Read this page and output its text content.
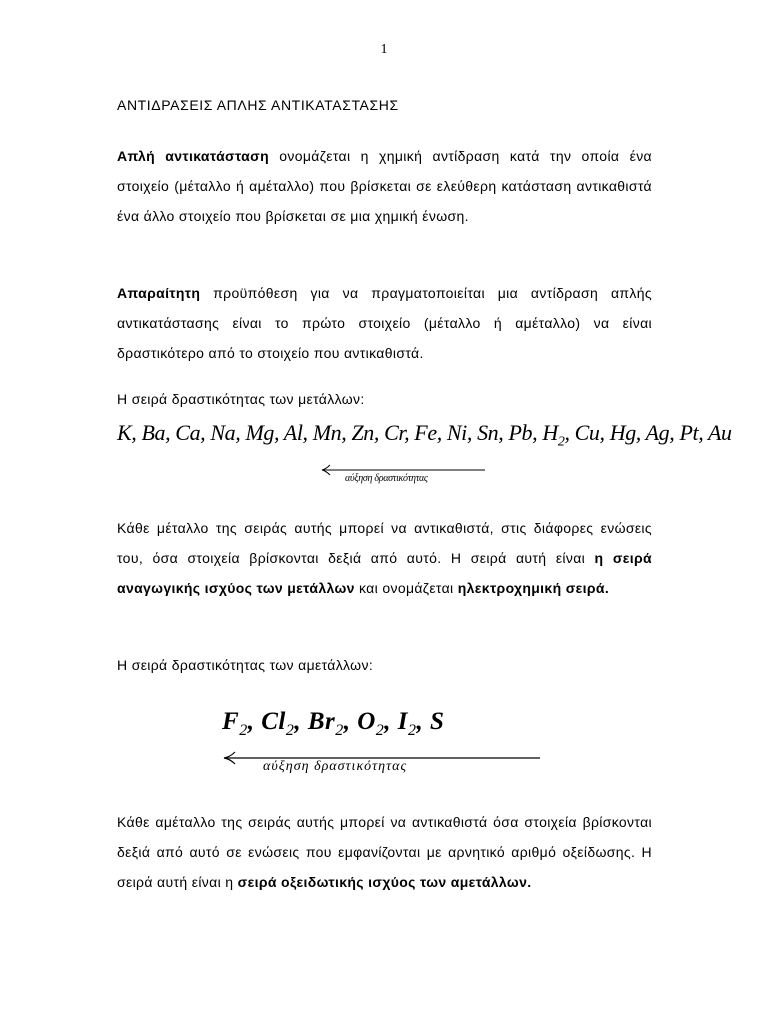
1
ΑΝΤΙΔΡΑΣΕΙΣ ΑΠΛΗΣ ΑΝΤΙΚΑΤΑΣΤΑΣΗΣ
Απλή αντικατάσταση ονομάζεται η χημική αντίδραση κατά την οποία ένα στοιχείο (μέταλλο ή αμέταλλο) που βρίσκεται σε ελεύθερη κατάσταση αντικαθιστά ένα άλλο στοιχείο που βρίσκεται σε μια χημική ένωση.
Απαραίτητη προϋπόθεση για να πραγματοποιείται μια αντίδραση απλής αντικατάστασης είναι το πρώτο στοιχείο (μέταλλο ή αμέταλλο) να είναι δραστικότερο από το στοιχείο που αντικαθιστά.
Η σειρά δραστικότητας των μετάλλων:
K, Ba, Ca, Na, Mg, Al, Mn, Zn, Cr, Fe, Ni, Sn, Pb, $H_2$, Cu, Hg, Ag, Pt, Au
αύξηση δραστικότητας
Κάθε μέταλλο της σειράς αυτής μπορεί να αντικαθιστά, στις διάφορες ενώσεις του, όσα στοιχεία βρίσκονται δεξιά από αυτό. Η σειρά αυτή είναι η σειρά αναγωγικής ισχύος των μετάλλων και ονομάζεται ηλεκτροχημική σειρά.
Η σειρά δραστικότητας των αμετάλλων:
$F_2$, $Cl_2$, $Br_2$, $O_2$, $I_2$, S
αύξηση δραστικότητας
Κάθε αμέταλλο της σειράς αυτής μπορεί να αντικαθιστά όσα στοιχεία βρίσκονται δεξιά από αυτό σε ενώσεις που εμφανίζονται με αρνητικό αριθμό οξείδωσης. Η σειρά αυτή είναι η σειρά οξειδωτικής ισχύος των αμετάλλων.
